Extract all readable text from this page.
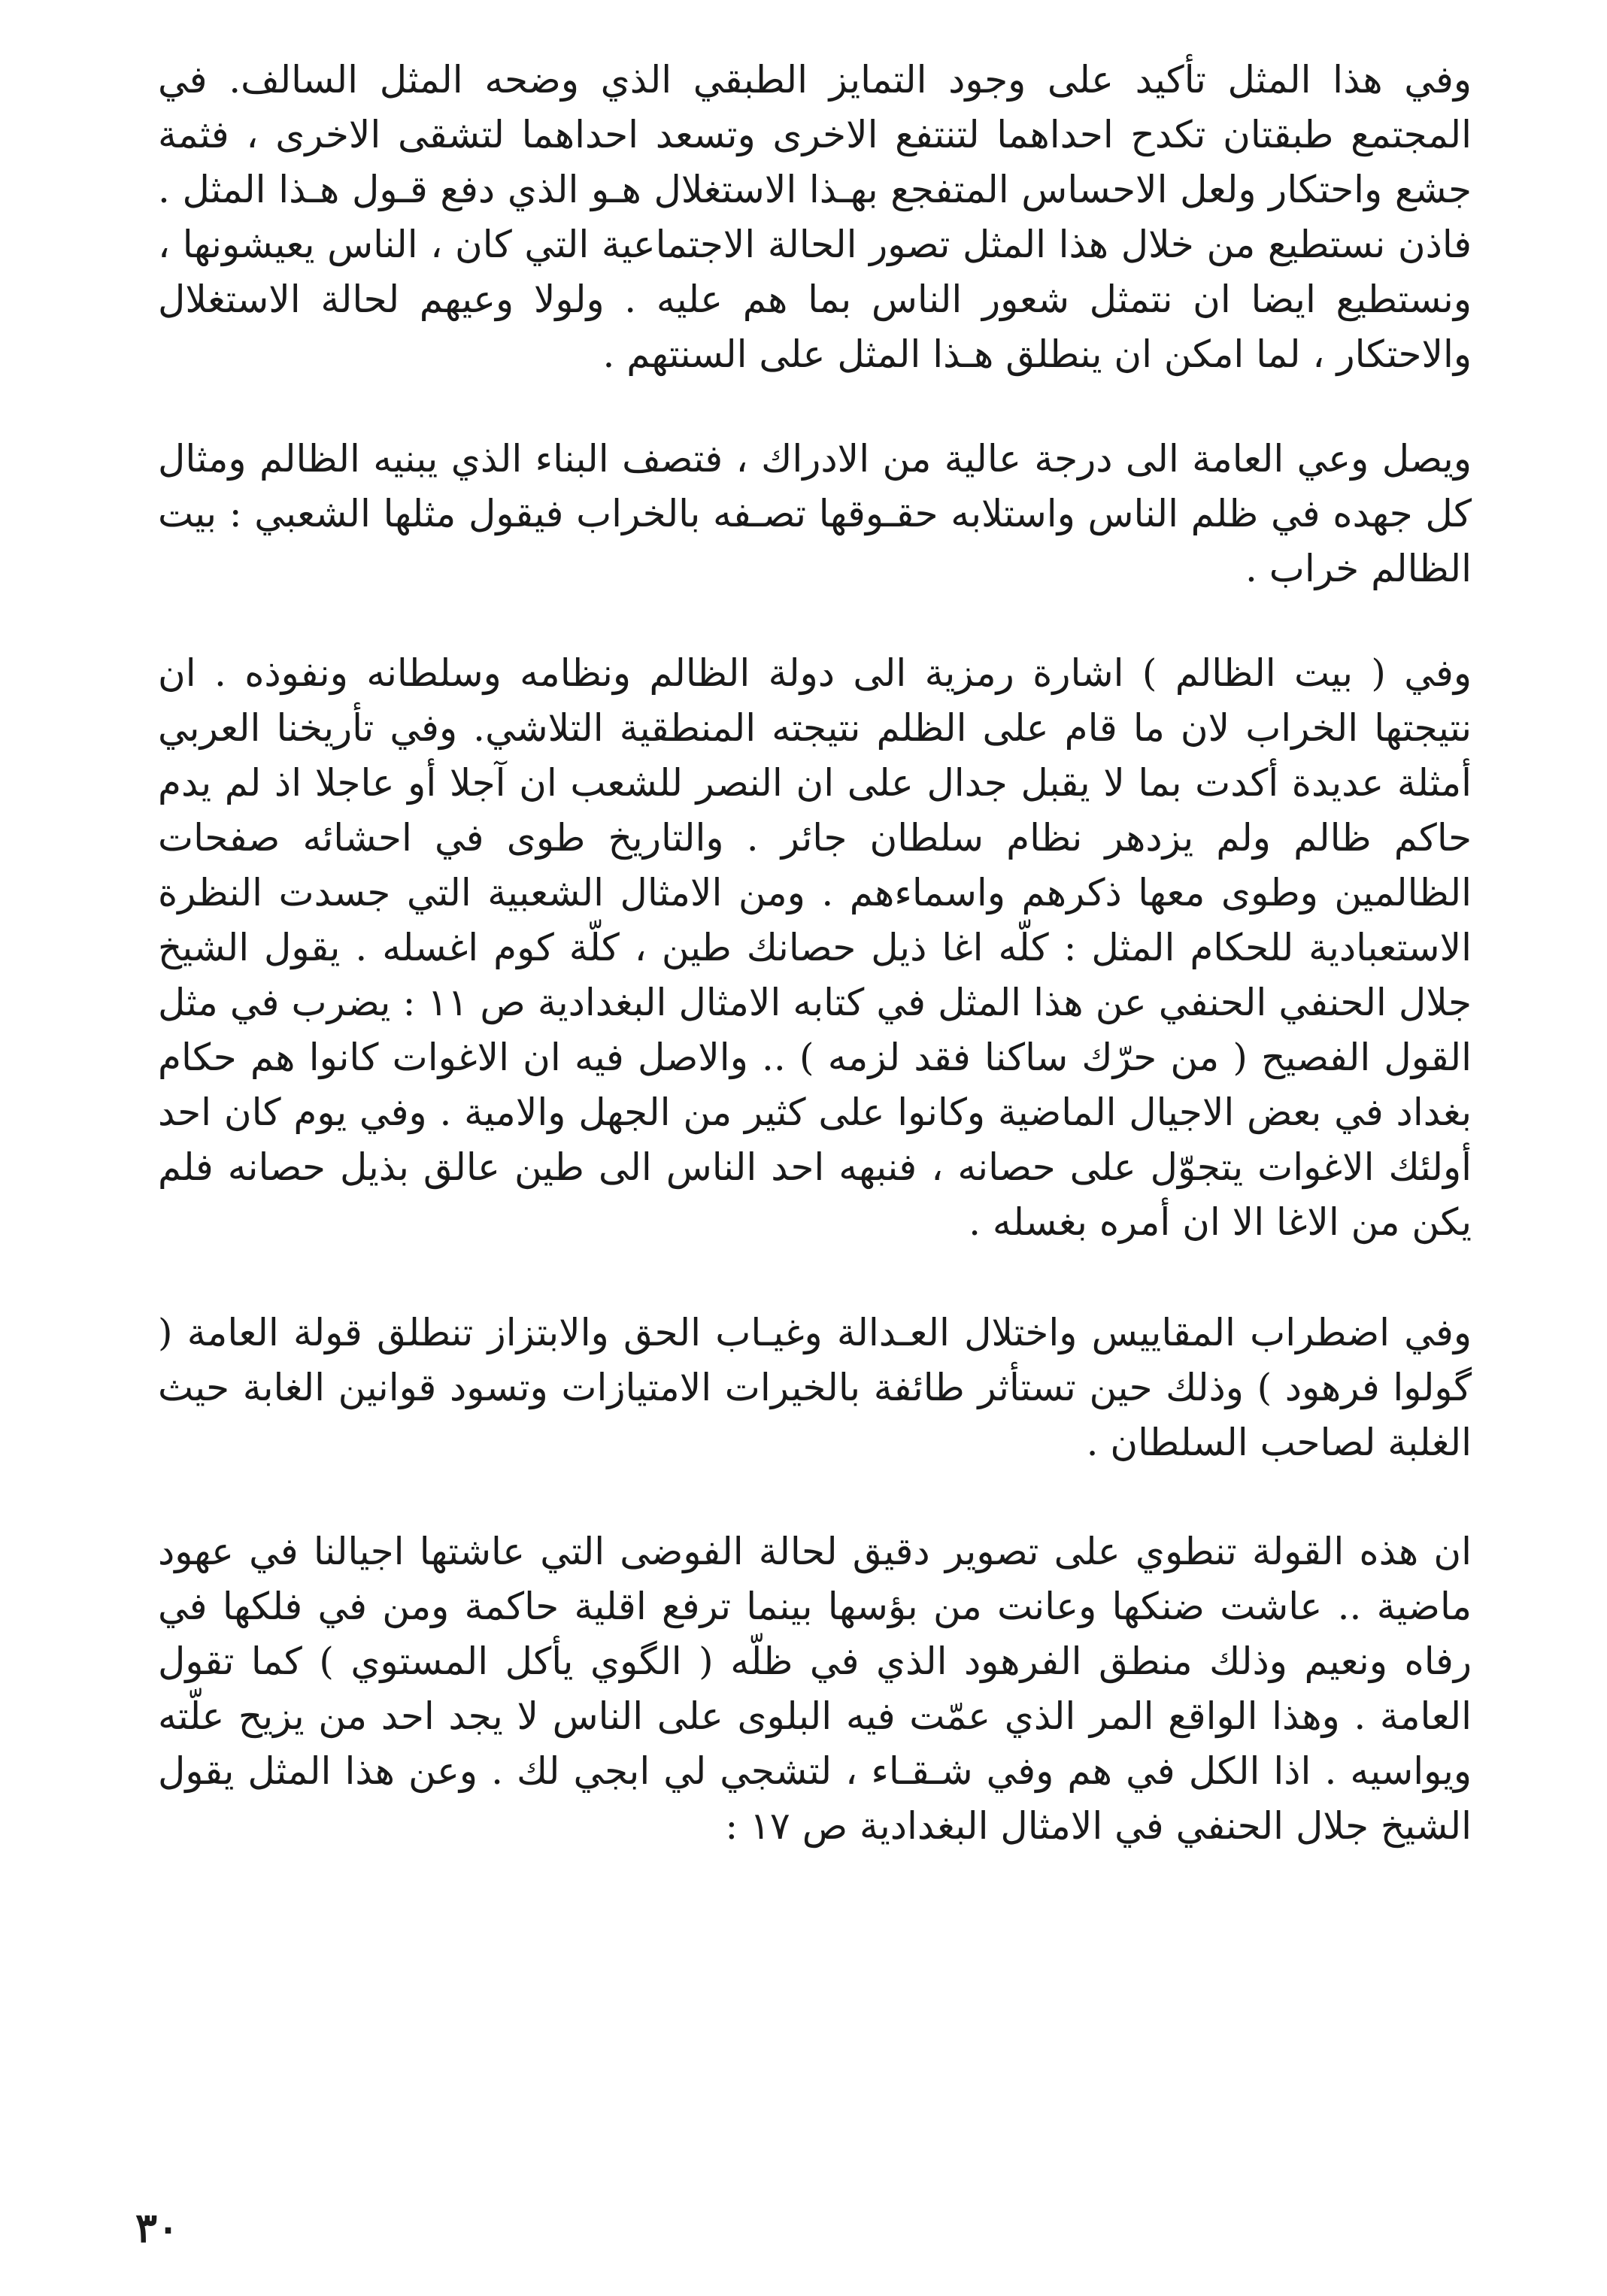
وفي هذا المثل تأكيد على وجود التمايز الطبقي الذي وضحه المثل السالف. في المجتمع طبقتان تكدح احداهما لتنتفع الاخرى وتسعد احداهما لتشقى الاخرى ، فثمة جشع واحتكار ولعل الاحساس المتفجع بهـذا الاستغلال هـو الذي دفع قـول هـذا المثل . فاذن نستطيع من خلال هذا المثل تصور الحالة الاجتماعية التي كان ، الناس يعيشونها ، ونستطيع ايضا ان نتمثل شعور الناس بما هم عليه . ولولا وعيهم لحالة الاستغلال والاحتكار ، لما امكن ان ينطلق هـذا المثل على السنتهم .

ويصل وعي العامة الى درجة عالية من الادراك ، فتصف البناء الذي يبنيه الظالم ومثال كل جهده في ظلم الناس واستلابه حقـوقها تصـفه بالخراب فيقول مثلها الشعبي : بيت الظالم خراب .

وفي ( بيت الظالم ) اشارة رمزية الى دولة الظالم ونظامه وسلطانه ونفوذه . ان نتيجتها الخراب لان ما قام على الظلم نتيجته المنطقية التلاشي. وفي تأريخنا العربي أمثلة عديدة أكدت بما لا يقبل جدال على ان النصر للشعب ان آجلا أو عاجلا اذ لم يدم حاكم ظالم ولم يزدهر نظام سلطان جائر . والتاريخ طوى في احشائه صفحات الظالمين وطوى معها ذكرهم واسماءهم . ومن الامثال الشعبية التي جسدت النظرة الاستعبادية للحكام المثل : كلّه اغا ذيل حصانك طين ، كلّة كوم اغسله . يقول الشيخ جلال الحنفي الحنفي عن هذا المثل في كتابه الامثال البغدادية ص ١١ : يضرب في مثل القول الفصيح ( من حرّك ساكنا فقد لزمه ) .. والاصل فيه ان الاغوات كانوا هم حكام بغداد في بعض الاجيال الماضية وكانوا على كثير من الجهل والامية . وفي يوم كان احد أولئك الاغوات يتجوّل على حصانه ، فنبهه احد الناس الى طين عالق بذيل حصانه فلم يكن من الاغا الا ان أمره بغسله .

وفي اضطراب المقاييس واختلال العـدالة وغيـاب الحق والابتزاز تنطلق قولة العامة ( گولوا فرهود ) وذلك حين تستأثر طائفة بالخيرات الامتيازات وتسود قوانين الغابة حيث الغلبة لصاحب السلطان .

ان هذه القولة تنطوي على تصوير دقيق لحالة الفوضى التي عاشتها اجيالنا في عهود ماضية .. عاشت ضنكها وعانت من بؤسها بينما ترفع اقلية حاكمة ومن في فلكها في رفاه ونعيم وذلك منطق الفرهود الذي في ظلّه ( الگوي يأكل المستوي ) كما تقول العامة . وهذا الواقع المر الذي عمّت فيه البلوى على الناس لا يجد احد من يزيح علّته ويواسيه . اذا الكل في هم وفي شـقـاء ، لتشجي لي ابجي لك . وعن هذا المثل يقول الشيخ جلال الحنفي في الامثال البغدادية ص ١٧ :

٣٠
